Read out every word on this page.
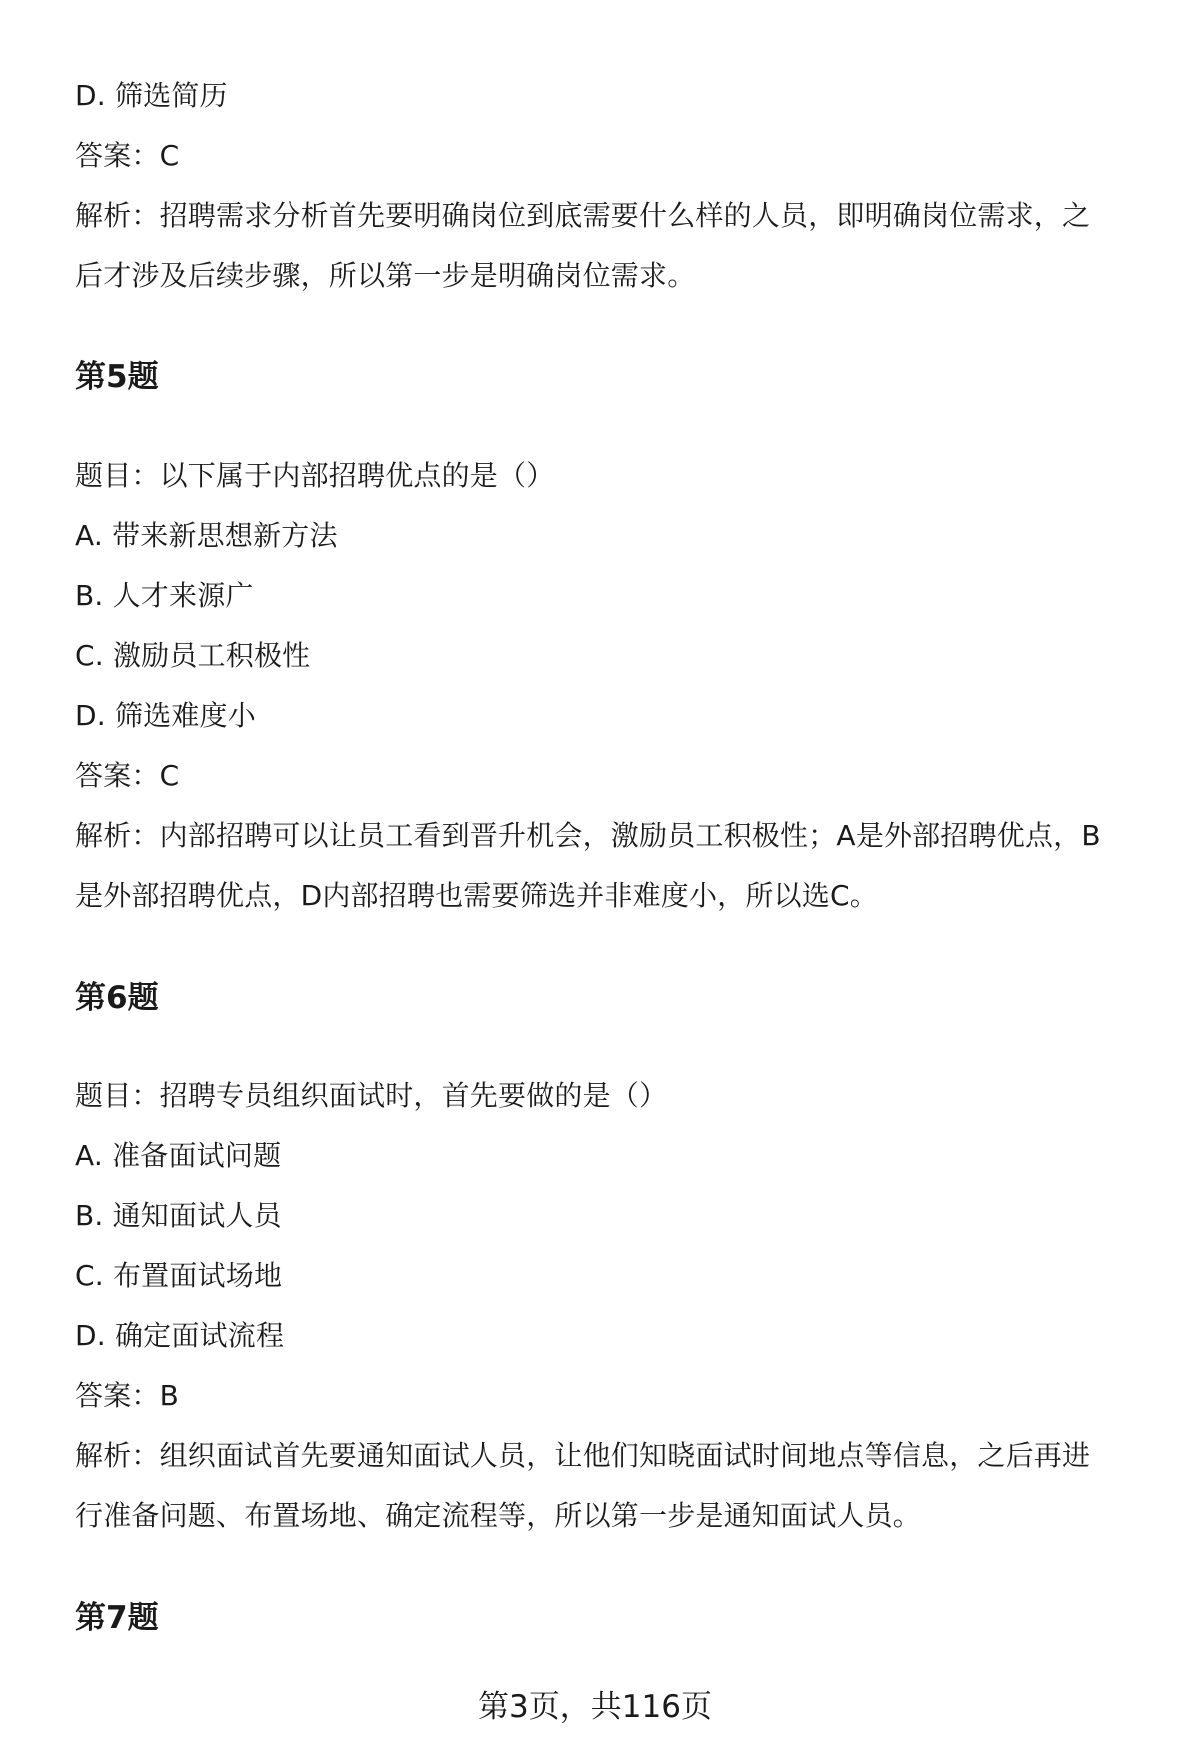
D. 筛选简历
答案：C
解析：招聘需求分析首先要明确岗位到底需要什么样的人员，即明确岗位需求，之
后才涉及后续步骤，所以第一步是明确岗位需求。
第5题
题目：以下属于内部招聘优点的是（）
A. 带来新思想新方法
B. 人才来源广
C. 激励员工积极性
D. 筛选难度小
答案：C
解析：内部招聘可以让员工看到晋升机会，激励员工积极性；A是外部招聘优点，B
是外部招聘优点，D内部招聘也需要筛选并非难度小，所以选C。
第6题
题目：招聘专员组织面试时，首先要做的是（）
A. 准备面试问题
B. 通知面试人员
C. 布置面试场地
D. 确定面试流程
答案：B
解析：组织面试首先要通知面试人员，让他们知晓面试时间地点等信息，之后再进
行准备问题、布置场地、确定流程等，所以第一步是通知面试人员。
第7题
第3页，共116页
